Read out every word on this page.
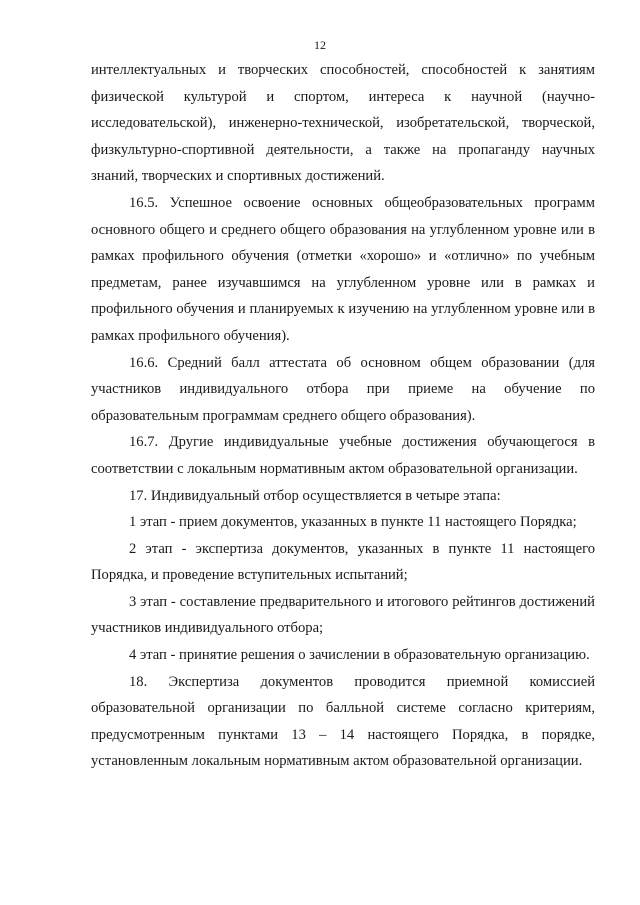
12

интеллектуальных и творческих способностей, способностей к занятиям физической культурой и спортом, интереса к научной (научно-исследовательской), инженерно-технической, изобретательской, творческой, физкультурно-спортивной деятельности, а также на пропаганду научных знаний, творческих и спортивных достижений.

16.5. Успешное освоение основных общеобразовательных программ основного общего и среднего общего образования на углубленном уровне или в рамках профильного обучения (отметки «хорошо» и «отлично» по учебным предметам, ранее изучавшимся на углубленном уровне или в рамках и профильного обучения и планируемых к изучению на углубленном уровне или в рамках профильного обучения).

16.6. Средний балл аттестата об основном общем образовании (для участников индивидуального отбора при приеме на обучение по образовательным программам среднего общего образования).

16.7. Другие индивидуальные учебные достижения обучающегося в соответствии с локальным нормативным актом образовательной организации.

17. Индивидуальный отбор осуществляется в четыре этапа:

1 этап - прием документов, указанных в пункте 11 настоящего Порядка;

2 этап - экспертиза документов, указанных в пункте 11 настоящего Порядка, и проведение вступительных испытаний;

3 этап - составление предварительного и итогового рейтингов достижений участников индивидуального отбора;

4 этап - принятие решения о зачислении в образовательную организацию.

18. Экспертиза документов проводится приемной комиссией образовательной организации по балльной системе согласно критериям, предусмотренным пунктами 13 – 14 настоящего Порядка, в порядке, установленным локальным нормативным актом образовательной организации.
